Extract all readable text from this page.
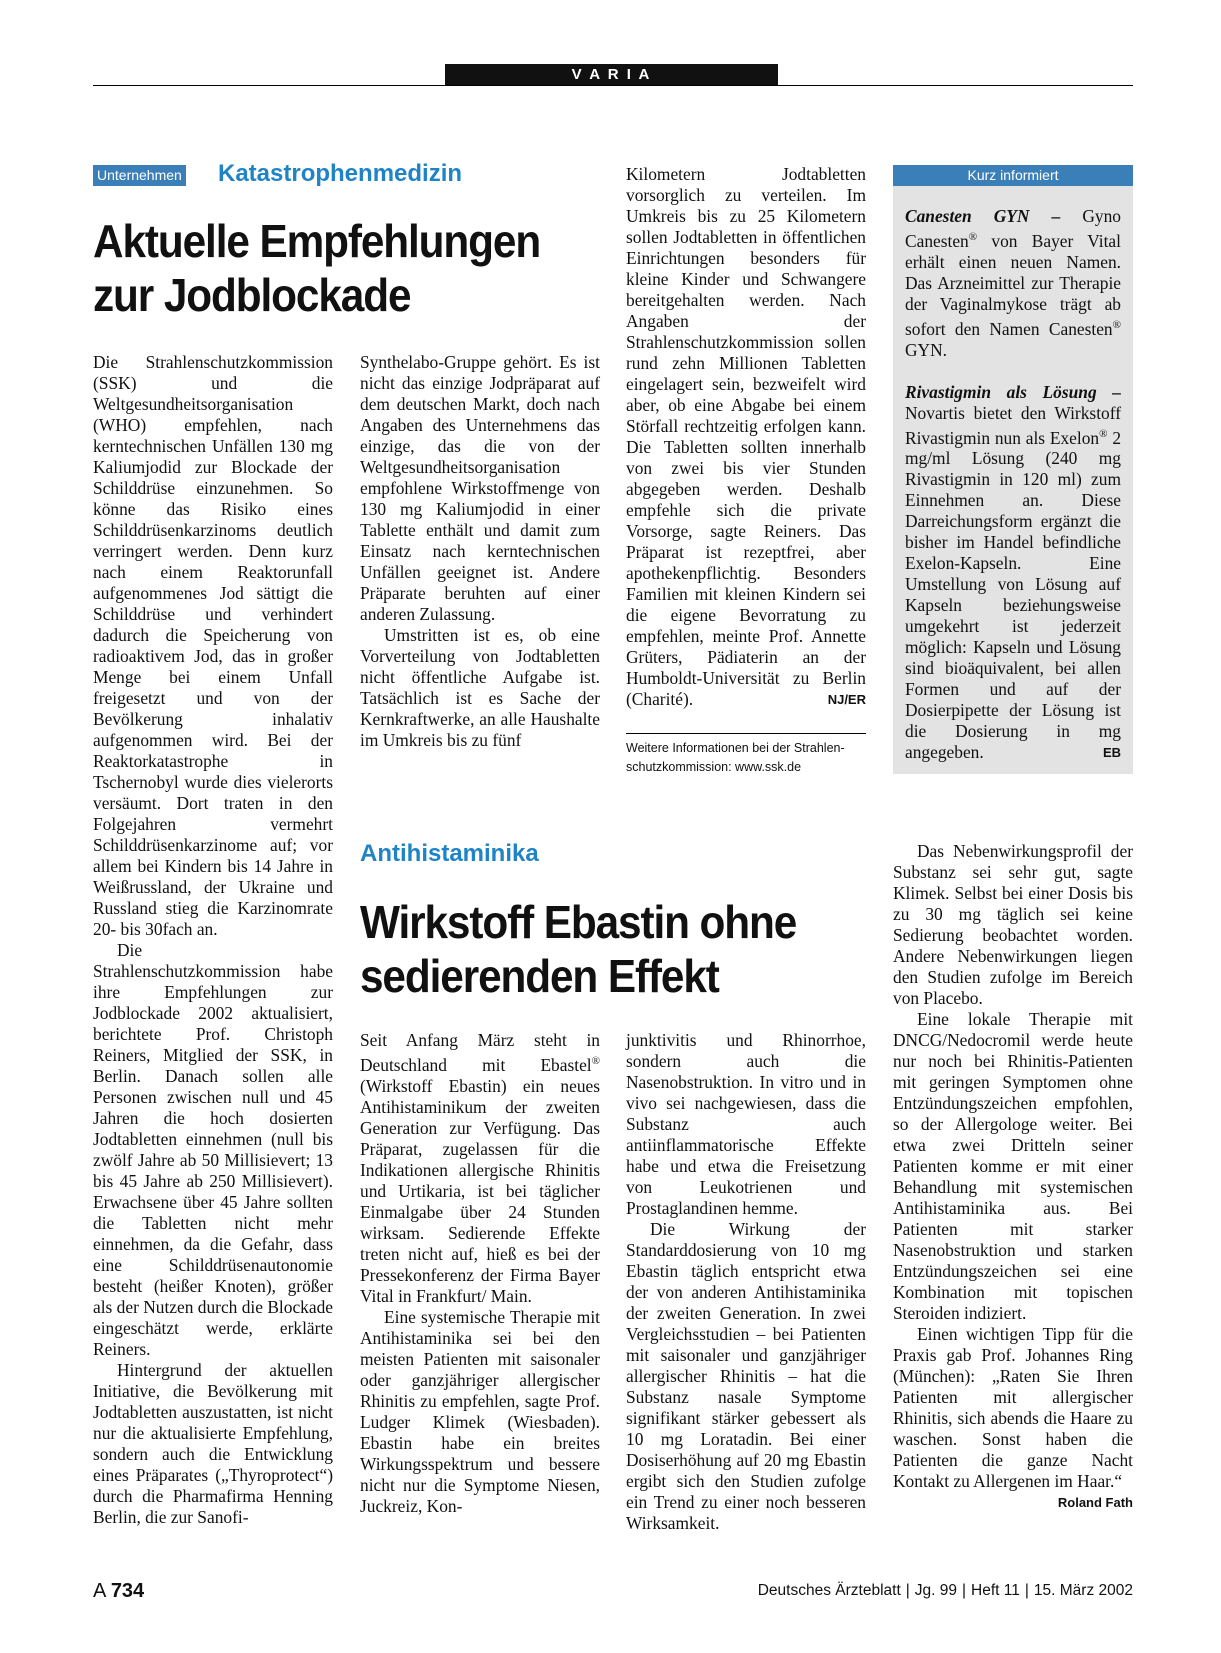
V A R I A
Unternehmen Katastrophenmedizin
Aktuelle Empfehlungen
zur Jodblockade

Die Strahlenschutzkommission (SSK) und die Weltgesundheitsorganisation (WHO) empfehlen, nach kerntechnischen Unfällen 130 mg Kaliumjodid zur Blockade der Schilddrüse einzunehmen. So könne das Risiko eines Schilddrüsenkarzinoms deutlich verringert werden. Denn kurz nach einem Reaktorunfall aufgenommenes Jod sättigt die Schilddrüse und verhindert dadurch die Speicherung von radioaktivem Jod, das in großer Menge bei einem Unfall freigesetzt und von der Bevölkerung inhalativ aufgenommen wird. Bei der Reaktorkatastrophe in Tschernobyl wurde dies vielerorts versäumt. Dort traten in den Folgejahren vermehrt Schilddrüsenkarzinome auf; vor allem bei Kindern bis 14 Jahre in Weißrussland, der Ukraine und Russland stieg die Karzinomrate 20- bis 30fach an.

Die Strahlenschutzkommission habe ihre Empfehlungen zur Jodblockade 2002 aktualisiert, berichtete Prof. Christoph Reiners, Mitglied der SSK, in Berlin. Danach sollen alle Personen zwischen null und 45 Jahren die hoch dosierten Jodtabletten einnehmen (null bis zwölf Jahre ab 50 Millisievert; 13 bis 45 Jahre ab 250 Millisievert). Erwachsene über 45 Jahre sollten die Tabletten nicht mehr einnehmen, da die Gefahr, dass eine Schilddrüsenautonomie besteht (heißer Knoten), größer als der Nutzen durch die Blockade eingeschätzt werde, erklärte Reiners.

Hintergrund der aktuellen Initiative, die Bevölkerung mit Jodtabletten auszustatten, ist nicht nur die aktualisierte Empfehlung, sondern auch die Entwicklung eines Präparates („Thyroprotect“) durch die Pharmafirma Henning Berlin, die zur Sanofi-

Synthelabo-Gruppe gehört. Es ist nicht das einzige Jodpräparat auf dem deutschen Markt, doch nach Angaben des Unternehmens das einzige, das die von der Weltgesundheitsorganisation empfohlene Wirkstoffmenge von 130 mg Kaliumjodid in einer Tablette enthält und damit zum Einsatz nach kerntechnischen Unfällen geeignet ist. Andere Präparate beruhten auf einer anderen Zulassung.

Umstritten ist es, ob eine Vorverteilung von Jodtabletten nicht öffentliche Aufgabe ist. Tatsächlich ist es Sache der Kernkraftwerke, an alle Haushalte im Umkreis bis zu fünf

Kilometern Jodtabletten vorsorglich zu verteilen. Im Umkreis bis zu 25 Kilometern sollen Jodtabletten in öffentlichen Einrichtungen besonders für kleine Kinder und Schwangere bereitgehalten werden. Nach Angaben der Strahlenschutzkommission sollen rund zehn Millionen Tabletten eingelagert sein, bezweifelt wird aber, ob eine Abgabe bei einem Störfall rechtzeitig erfolgen kann. Die Tabletten sollten innerhalb von zwei bis vier Stunden abgegeben werden. Deshalb empfehle sich die private Vorsorge, sagte Reiners. Das Präparat ist rezeptfrei, aber apothekenpflichtig. Besonders Familien mit kleinen Kindern sei die eigene Bevorratung zu empfehlen, meinte Prof. Annette Grüters, Pädiaterin an der Humboldt-Universität zu Berlin (Charité).	NJ/ER

Weitere Informationen bei der Strahlen-
schutzkommission: www.ssk.de
Kurz informiert

Canesten GYN – Gyno Canesten® von Bayer Vital erhält einen neuen Namen. Das Arzneimittel zur Therapie der Vaginalmykose trägt ab sofort den Namen Canesten® GYN.

Rivastigmin als Lösung – Novartis bietet den Wirkstoff Rivastigmin nun als Exelon® 2 mg/ml Lösung (240 mg Rivastigmin in 120 ml) zum Einnehmen an. Diese Darreichungsform ergänzt die bisher im Handel befindliche Exelon-Kapseln. Eine Umstellung von Lösung auf Kapseln beziehungsweise umgekehrt ist jederzeit möglich: Kapseln und Lösung sind bioäquivalent, bei allen Formen und auf der Dosierpipette der Lösung ist die Dosierung in mg angegeben.	EB

Antihistaminika
Wirkstoff Ebastin ohne
sedierenden Effekt

Seit Anfang März steht in Deutschland mit Ebastel® (Wirkstoff Ebastin) ein neues Antihistaminikum der zweiten Generation zur Verfügung. Das Präparat, zugelassen für die Indikationen allergische Rhinitis und Urtikaria, ist bei täglicher Einmalgabe über 24 Stunden wirksam. Sedierende Effekte treten nicht auf, hieß es bei der Pressekonferenz der Firma Bayer Vital in Frankfurt/ Main.

Eine systemische Therapie mit Antihistaminika sei bei den meisten Patienten mit saisonaler oder ganzjähriger allergischer Rhinitis zu empfehlen, sagte Prof. Ludger Klimek (Wiesbaden). Ebastin habe ein breites Wirkungsspektrum und bessere nicht nur die Symptome Niesen, Juckreiz, Kon-

junktivitis und Rhinorrhoe, sondern auch die Nasenobstruktion. In vitro und in vivo sei nachgewiesen, dass die Substanz auch antiinflammatorische Effekte habe und etwa die Freisetzung von Leukotrienen und Prostaglandinen hemme.

Die Wirkung der Standarddosierung von 10 mg Ebastin täglich entspricht etwa der von anderen Antihistaminika der zweiten Generation. In zwei Vergleichsstudien – bei Patienten mit saisonaler und ganzjähriger allergischer Rhinitis – hat die Substanz nasale Symptome signifikant stärker gebessert als 10 mg Loratadin. Bei einer Dosiserhöhung auf 20 mg Ebastin ergibt sich den Studien zufolge ein Trend zu einer noch besseren Wirksamkeit.

Das Nebenwirkungsprofil der Substanz sei sehr gut, sagte Klimek. Selbst bei einer Dosis bis zu 30 mg täglich sei keine Sedierung beobachtet worden. Andere Nebenwirkungen liegen den Studien zufolge im Bereich von Placebo.

Eine lokale Therapie mit DNCG/Nedocromil werde heute nur noch bei Rhinitis-Patienten mit geringen Symptomen ohne Entzündungszeichen empfohlen, so der Allergologe weiter. Bei etwa zwei Dritteln seiner Patienten komme er mit einer Behandlung mit systemischen Antihistaminika aus. Bei Patienten mit starker Nasenobstruktion und starken Entzündungszeichen sei eine Kombination mit topischen Steroiden indiziert.

Einen wichtigen Tipp für die Praxis gab Prof. Johannes Ring (München): „Raten Sie Ihren Patienten mit allergischer Rhinitis, sich abends die Haare zu waschen. Sonst haben die Patienten die ganze Nacht Kontakt zu Allergenen im Haar.“
Roland Fath

A 734	Deutsches Ärzteblatt | Jg. 99 | Heft 11 | 15. März 2002
